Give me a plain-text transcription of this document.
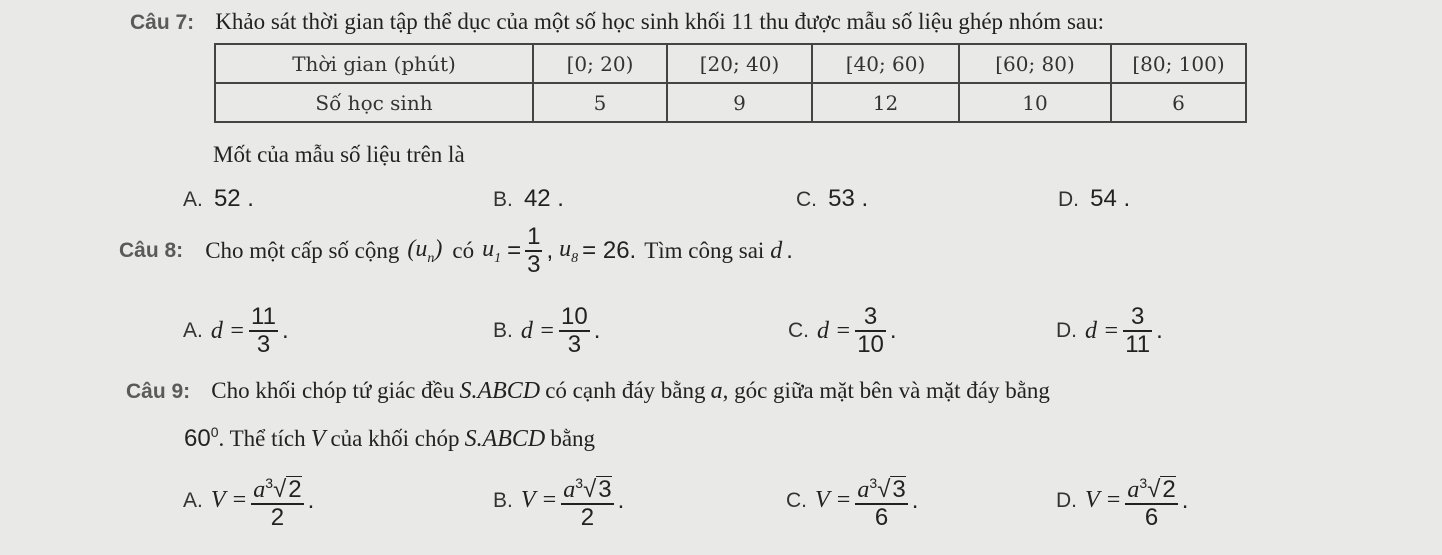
Câu 7: Khảo sát thời gian tập thể dục của một số học sinh khối 11 thu được mẫu số liệu ghép nhóm sau:
Thời gian (phút)	[0; 20)	[20; 40)	[40; 60)	[60; 80)	[80; 100)
Số học sinh	5	9	12	10	6
Mốt của mẫu số liệu trên là
A. 52 .	B. 42 .	C. 53 .	D. 54 .
Câu 8: Cho một cấp số cộng $(u_n)$ có $u_1 = \frac{1}{3}$ , $u_8 = 26$. Tìm công sai d .
A. $d = \frac{11}{3}$ .	B. $d = \frac{10}{3}$ .	C. $d = \frac{3}{10}$ .	D. $d = \frac{3}{11}$ .
Câu 9: Cho khối chóp tứ giác đều S.ABCD có cạnh đáy bằng a, góc giữa mặt bên và mặt đáy bằng
$60^0$. Thể tích V của khối chóp S.ABCD bằng
A. $V = \frac{a^3√2}{2}$ .	B. $V = \frac{a^3√3}{2}$ .	C. $V = \frac{a^3√3}{6}$ .	D. $V = \frac{a^3√2}{6}$ .
